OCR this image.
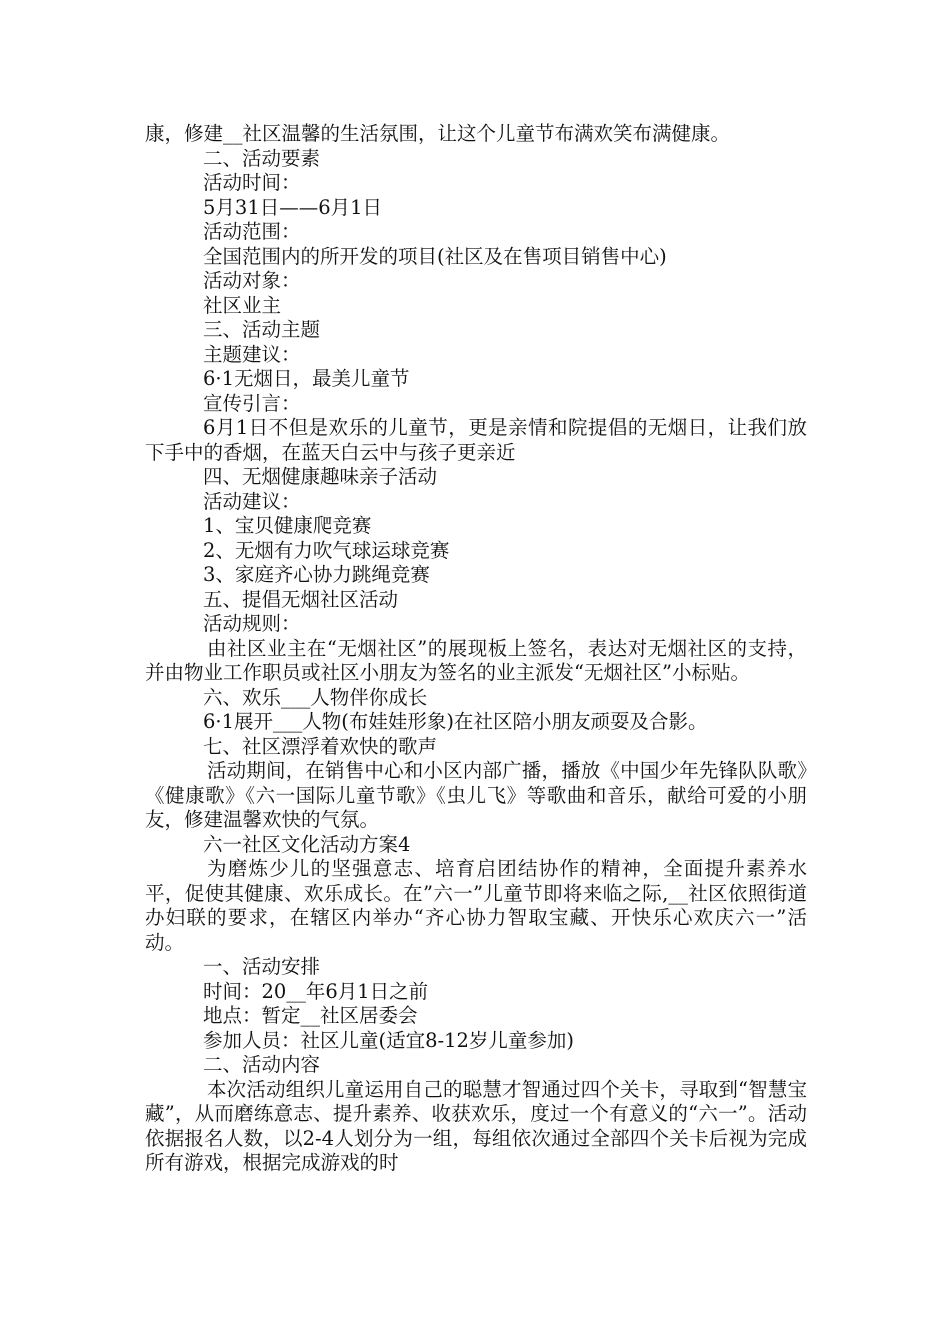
康，修建__社区温馨的生活氛围，让这个儿童节布满欢笑布满健康。

二、活动要素

活动时间：

5月31日——6月1日

活动范围：

全国范围内的所开发的项目(社区及在售项目销售中心)

活动对象：

社区业主

三、活动主题

主题建议：

6·1无烟日，最美儿童节

宣传引言：

6月1日不但是欢乐的儿童节，更是亲情和院提倡的无烟日，让我们放下手中的香烟，在蓝天白云中与孩子更亲近

四、无烟健康趣味亲子活动

活动建议：

1、宝贝健康爬竞赛

2、无烟有力吹气球运球竞赛

3、家庭齐心协力跳绳竞赛

五、提倡无烟社区活动

活动规则：

由社区业主在“无烟社区”的展现板上签名，表达对无烟社区的支持，并由物业工作职员或社区小朋友为签名的业主派发“无烟社区”小标贴。

六、欢乐___人物伴你成长

6·1展开___人物(布娃娃形象)在社区陪小朋友顽耍及合影。

七、社区漂浮着欢快的歌声

活动期间，在销售中心和小区内部广播，播放《中国少年先锋队队歌》《健康歌》《六一国际儿童节歌》《虫儿飞》等歌曲和音乐，献给可爱的小朋友，修建温馨欢快的气氛。

六一社区文化活动方案4

为磨炼少儿的坚强意志、培育启团结协作的精神，全面提升素养水平，促使其健康、欢乐成长。在”六一”儿童节即将来临之际,__社区依照街道办妇联的要求，在辖区内举办“齐心协力智取宝藏、开快乐心欢庆六一”活动。

一、活动安排

时间：20__年6月1日之前

地点：暂定__社区居委会

参加人员：社区儿童(适宜8-12岁儿童参加)

二、活动内容

本次活动组织儿童运用自己的聪慧才智通过四个关卡，寻取到“智慧宝藏”，从而磨练意志、提升素养、收获欢乐，度过一个有意义的“六一”。活动依据报名人数，以2-4人划分为一组，每组依次通过全部四个关卡后视为完成所有游戏，根据完成游戏的时
